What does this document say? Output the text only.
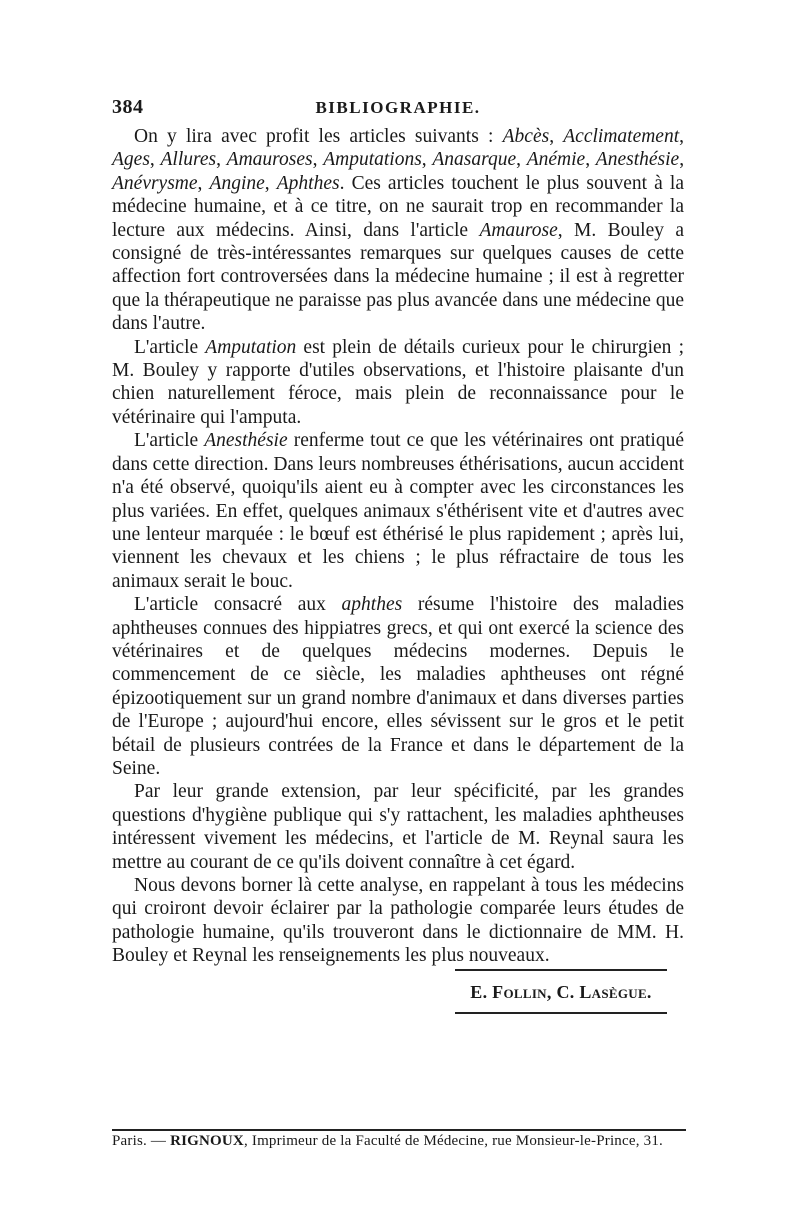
384	BIBLIOGRAPHIE.

On y lira avec profit les articles suivants : Abcès, Acclimatement, Ages, Allures, Amauroses, Amputations, Anasarque, Anémie, Anesthésie, Anévrysme, Angine, Aphthes. Ces articles touchent le plus souvent à la médecine humaine, et à ce titre, on ne saurait trop en recommander la lecture aux médecins. Ainsi, dans l'article Amaurose, M. Bouley a consigné de très-intéressantes remarques sur quelques causes de cette affection fort controversées dans la médecine humaine ; il est à regretter que la thérapeutique ne paraisse pas plus avancée dans une médecine que dans l'autre.

L'article Amputation est plein de détails curieux pour le chirurgien ; M. Bouley y rapporte d'utiles observations, et l'histoire plaisante d'un chien naturellement féroce, mais plein de reconnaissance pour le vétérinaire qui l'amputa.

L'article Anesthésie renferme tout ce que les vétérinaires ont pratiqué dans cette direction. Dans leurs nombreuses éthérisations, aucun accident n'a été observé, quoiqu'ils aient eu à compter avec les circonstances les plus variées. En effet, quelques animaux s'éthérisent vite et d'autres avec une lenteur marquée : le bœuf est éthérisé le plus rapidement ; après lui, viennent les chevaux et les chiens ; le plus réfractaire de tous les animaux serait le bouc.

L'article consacré aux aphthes résume l'histoire des maladies aphtheuses connues des hippiatres grecs, et qui ont exercé la science des vétérinaires et de quelques médecins modernes. Depuis le commencement de ce siècle, les maladies aphtheuses ont régné épizootiquement sur un grand nombre d'animaux et dans diverses parties de l'Europe ; aujourd'hui encore, elles sévissent sur le gros et le petit bétail de plusieurs contrées de la France et dans le département de la Seine.

Par leur grande extension, par leur spécificité, par les grandes questions d'hygiène publique qui s'y rattachent, les maladies aphtheuses intéressent vivement les médecins, et l'article de M. Reynal saura les mettre au courant de ce qu'ils doivent connaître à cet égard.

Nous devons borner là cette analyse, en rappelant à tous les médecins qui croiront devoir éclairer par la pathologie comparée leurs études de pathologie humaine, qu'ils trouveront dans le dictionnaire de MM. H. Bouley et Reynal les renseignements les plus nouveaux.

E. Follin, C. Lasègue.
Paris. — RIGNOUX, Imprimeur de la Faculté de Médecine, rue Monsieur-le-Prince, 31.
